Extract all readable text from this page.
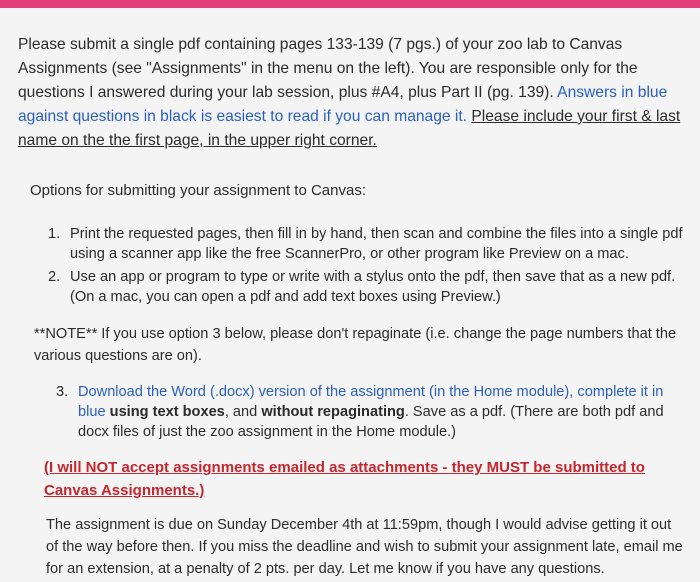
Please submit a single pdf containing pages 133-139 (7 pgs.) of your zoo lab to Canvas Assignments (see "Assignments" in the menu on the left). You are responsible only for the questions I answered during your lab session, plus #A4, plus Part II (pg. 139). Answers in blue against questions in black is easiest to read if you can manage it. Please include your first & last name on the the first page, in the upper right corner.

Options for submitting your assignment to Canvas:

1. Print the requested pages, then fill in by hand, then scan and combine the files into a single pdf using a scanner app like the free ScannerPro, or other program like Preview on a mac.
2. Use an app or program to type or write with a stylus onto the pdf, then save that as a new pdf. (On a mac, you can open a pdf and add text boxes using Preview.)

**NOTE** If you use option 3 below, please don't repaginate (i.e. change the page numbers that the various questions are on).

3. Download the Word (.docx) version of the assignment (in the Home module), complete it in blue using text boxes, and without repaginating. Save as a pdf. (There are both pdf and docx files of just the zoo assignment in the Home module.)

(I will NOT accept assignments emailed as attachments - they MUST be submitted to Canvas Assignments.)

The assignment is due on Sunday December 4th at 11:59pm, though I would advise getting it out of the way before then. If you miss the deadline and wish to submit your assignment late, email me for an extension, at a penalty of 2 pts. per day. Let me know if you have any questions.
